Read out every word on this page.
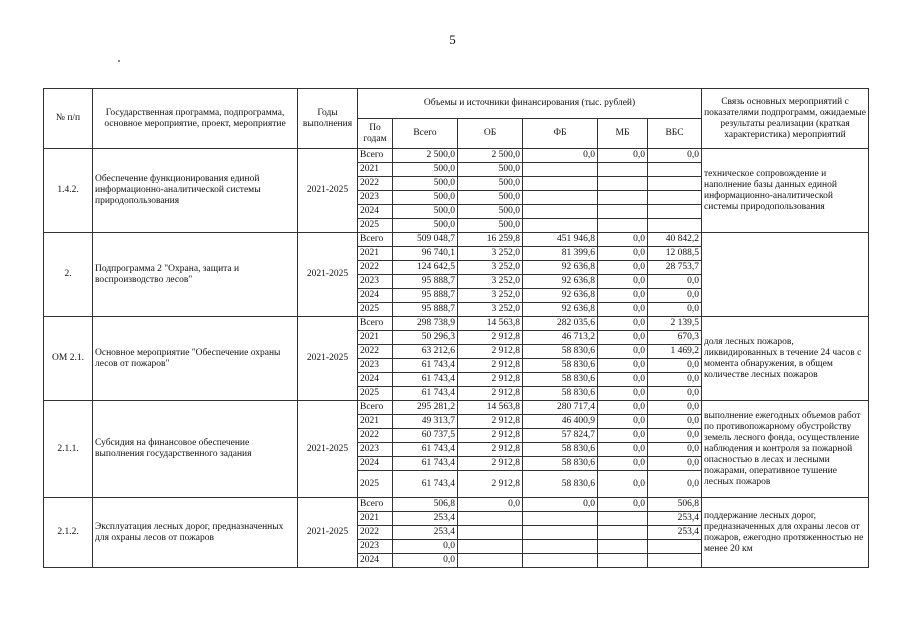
5
№ п/п	Государственная программа, подпрограмма, основное мероприятие, проект, мероприятие	Годы выполнения	Объемы и источники финансирования (тыс. рублей)						Связь основных мероприятий с показателями подпрограмм, ожидаемые результаты реализации (краткая характеристика) мероприятий
			По годам	Всего	ОБ	ФБ	МБ	ВБС	
1.4.2.	Обеспечение функционирования единой информационно-аналитической системы природопользования	2021-2025	Всего	2 500,0	2 500,0	0,0	0,0	0,0	техническое сопровождение и наполнение базы данных единой информационно-аналитической системы природопользования
			2021	500,0	500,0				
			2022	500,0	500,0				
			2023	500,0	500,0				
			2024	500,0	500,0				
			2025	500,0	500,0				
2.	Подпрограмма 2 "Охрана, защита и воспроизводство лесов"	2021-2025	Всего	509 048,7	16 259,8	451 946,8	0,0	40 842,2	
			2021	96 740,1	3 252,0	81 399,6	0,0	12 088,5	
			2022	124 642,5	3 252,0	92 636,8	0,0	28 753,7	
			2023	95 888,7	3 252,0	92 636,8	0,0	0,0	
			2024	95 888,7	3 252,0	92 636,8	0,0	0,0	
			2025	95 888,7	3 252,0	92 636,8	0,0	0,0	
ОМ 2.1.	Основное мероприятие "Обеспечение охраны лесов от пожаров"	2021-2025	Всего	298 738,9	14 563,8	282 035,6	0,0	2 139,5	доля лесных пожаров, ликвидированных в течение 24 часов с момента обнаружения, в общем количестве лесных пожаров
			2021	50 296,3	2 912,8	46 713,2	0,0	670,3	
			2022	63 212,6	2 912,8	58 830,6	0,0	1 469,2	
			2023	61 743,4	2 912,8	58 830,6	0,0	0,0	
			2024	61 743,4	2 912,8	58 830,6	0,0	0,0	
			2025	61 743,4	2 912,8	58 830,6	0,0	0,0	
2.1.1.	Субсидия на финансовое обеспечение выполнения государственного задания	2021-2025	Всего	295 281,2	14 563,8	280 717,4	0,0	0,0	выполнение ежегодных объемов работ по противопожарному обустройству земель лесного фонда, осуществление наблюдения и контроля за пожарной опасностью в лесах и лесными пожарами, оперативное тушение лесных пожаров
			2021	49 313,7	2 912,8	46 400,9	0,0	0,0	
			2022	60 737,5	2 912,8	57 824,7	0,0	0,0	
			2023	61 743,4	2 912,8	58 830,6	0,0	0,0	
			2024	61 743,4	2 912,8	58 830,6	0,0	0,0	
			2025	61 743,4	2 912,8	58 830,6	0,0	0,0	
2.1.2.	Эксплуатация лесных дорог, предназначенных для охраны лесов от пожаров	2021-2025	Всего	506,8	0,0	0,0	0,0	506,8	поддержание лесных дорог, предназначенных для охраны лесов от пожаров, ежегодно протяженностью не менее 20 км
			2021	253,4				253,4	
			2022	253,4				253,4	
			2023	0,0					
			2024	0,0					
